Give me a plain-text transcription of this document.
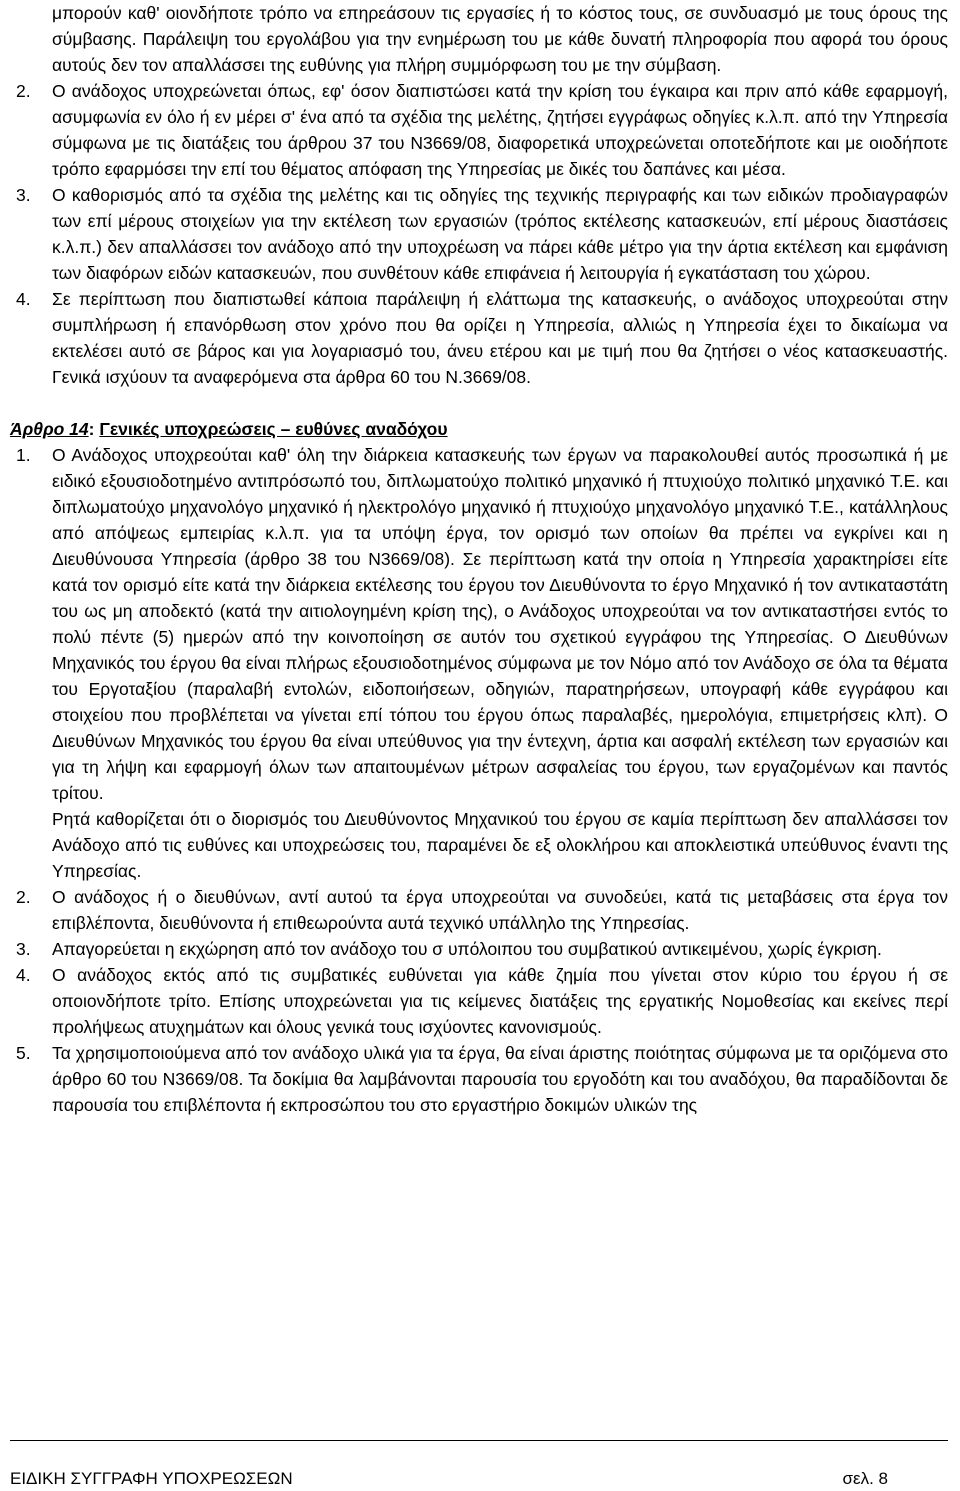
μπορούν καθ' οιονδήποτε τρόπο να επηρεάσουν τις εργασίες ή το κόστος τους, σε συνδυασμό με τους όρους της σύμβασης. Παράλειψη του εργολάβου για την ενημέρωση του με κάθε δυνατή πληροφορία που αφορά του όρους αυτούς δεν τον απαλλάσσει της ευθύνης για πλήρη συμμόρφωση του με την σύμβαση.

2. Ο ανάδοχος υποχρεώνεται όπως, εφ' όσον διαπιστώσει κατά την κρίση του έγκαιρα και πριν από κάθε εφαρμογή, ασυμφωνία εν όλο ή εν μέρει σ' ένα από τα σχέδια της μελέτης, ζητήσει εγγράφως οδηγίες κ.λ.π. από την Υπηρεσία σύμφωνα με τις διατάξεις του άρθρου 37 του Ν3669/08, διαφορετικά υποχρεώνεται οποτεδήποτε και με οιοδήποτε τρόπο εφαρμόσει την επί του θέματος απόφαση της Υπηρεσίας με δικές του δαπάνες και μέσα.
3. Ο καθορισμός από τα σχέδια της μελέτης και τις οδηγίες της τεχνικής περιγραφής και των ειδικών προδιαγραφών των επί μέρους στοιχείων για την εκτέλεση των εργασιών (τρόπος εκτέλεσης κατασκευών, επί μέρους διαστάσεις κ.λ.π.) δεν απαλλάσσει τον ανάδοχο από την υποχρέωση να πάρει κάθε μέτρο για την άρτια εκτέλεση και εμφάνιση των διαφόρων ειδών κατασκευών, που συνθέτουν κάθε επιφάνεια ή λειτουργία ή εγκατάσταση του χώρου.
4. Σε περίπτωση που διαπιστωθεί κάποια παράλειψη ή ελάττωμα της κατασκευής, ο ανάδοχος υποχρεούται στην συμπλήρωση ή επανόρθωση στον χρόνο που θα ορίζει η Υπηρεσία, αλλιώς η Υπηρεσία έχει το δικαίωμα να εκτελέσει αυτό σε βάρος και για λογαριασμό του, άνευ ετέρου και με τιμή που θα ζητήσει ο νέος κατασκευαστής. Γενικά ισχύουν τα αναφερόμενα στα άρθρα 60 του Ν.3669/08.

Άρθρο 14: Γενικές υποχρεώσεις – ευθύνες αναδόχου

1. Ο Ανάδοχος υποχρεούται καθ' όλη την διάρκεια κατασκευής των έργων να παρακολουθεί αυτός προσωπικά ή με ειδικό εξουσιοδοτημένο αντιπρόσωπό του, διπλωματούχο πολιτικό μηχανικό ή πτυχιούχο πολιτικό μηχανικό Τ.Ε. και διπλωματούχο μηχανολόγο μηχανικό ή ηλεκτρολόγο μηχανικό ή πτυχιούχο μηχανολόγο μηχανικό Τ.Ε., κατάλληλους από απόψεως εμπειρίας κ.λ.π. για τα υπόψη έργα, τον ορισμό των οποίων θα πρέπει να εγκρίνει και η Διευθύνουσα Υπηρεσία (άρθρο 38 του Ν3669/08). Σε περίπτωση κατά την οποία η Υπηρεσία χαρακτηρίσει είτε κατά τον ορισμό είτε κατά την διάρκεια εκτέλεσης του έργου τον Διευθύνοντα το έργο Μηχανικό ή τον αντικαταστάτη του ως μη αποδεκτό (κατά την αιτιολογημένη κρίση της), ο Ανάδοχος υποχρεούται να τον αντικαταστήσει εντός το πολύ πέντε (5) ημερών από την κοινοποίηση σε αυτόν του σχετικού εγγράφου της Υπηρεσίας. Ο Διευθύνων Μηχανικός του έργου θα είναι πλήρως εξουσιοδοτημένος σύμφωνα με τον Νόμο από τον Ανάδοχο σε όλα τα θέματα του Εργοταξίου (παραλαβή εντολών, ειδοποιήσεων, οδηγιών, παρατηρήσεων, υπογραφή κάθε εγγράφου και στοιχείου που προβλέπεται να γίνεται επί τόπου του έργου όπως παραλαβές, ημερολόγια, επιμετρήσεις κλπ). Ο Διευθύνων Μηχανικός του έργου θα είναι υπεύθυνος για την έντεχνη, άρτια και ασφαλή εκτέλεση των εργασιών και για τη λήψη και εφαρμογή όλων των απαιτουμένων μέτρων ασφαλείας του έργου, των εργαζομένων και παντός τρίτου.
Ρητά καθορίζεται ότι ο διορισμός του Διευθύνοντος Μηχανικού του έργου σε καμία περίπτωση δεν απαλλάσσει τον Ανάδοχο από τις ευθύνες και υποχρεώσεις του, παραμένει δε εξ ολοκλήρου και αποκλειστικά υπεύθυνος έναντι της Υπηρεσίας.
2. Ο ανάδοχος ή ο διευθύνων, αντί αυτού τα έργα υποχρεούται να συνοδεύει, κατά τις μεταβάσεις στα έργα τον επιβλέποντα, διευθύνοντα ή επιθεωρούντα αυτά τεχνικό υπάλληλο της Υπηρεσίας.
3. Απαγορεύεται η εκχώρηση από τον ανάδοχο του σ υπόλοιπου του συμβατικού αντικειμένου, χωρίς έγκριση.
4. Ο ανάδοχος εκτός από τις συμβατικές ευθύνεται για κάθε ζημία που γίνεται στον κύριο του έργου ή σε οποιονδήποτε τρίτο. Επίσης υποχρεώνεται για τις κείμενες διατάξεις της εργατικής Νομοθεσίας και εκείνες περί προλήψεως ατυχημάτων και όλους γενικά τους ισχύοντες κανονισμούς.
5. Τα χρησιμοποιούμενα από τον ανάδοχο υλικά για τα έργα, θα είναι άριστης ποιότητας σύμφωνα με τα οριζόμενα στο άρθρο 60 του Ν3669/08. Τα δοκίμια θα λαμβάνονται παρουσία του εργοδότη και του αναδόχου, θα παραδίδονται δε παρουσία του επιβλέποντα ή εκπροσώπου του στο εργαστήριο δοκιμών υλικών της
ΕΙΔΙΚΗ ΣΥΓΓΡΑΦΗ ΥΠΟΧΡΕΩΣΕΩΝ	σελ. 8
